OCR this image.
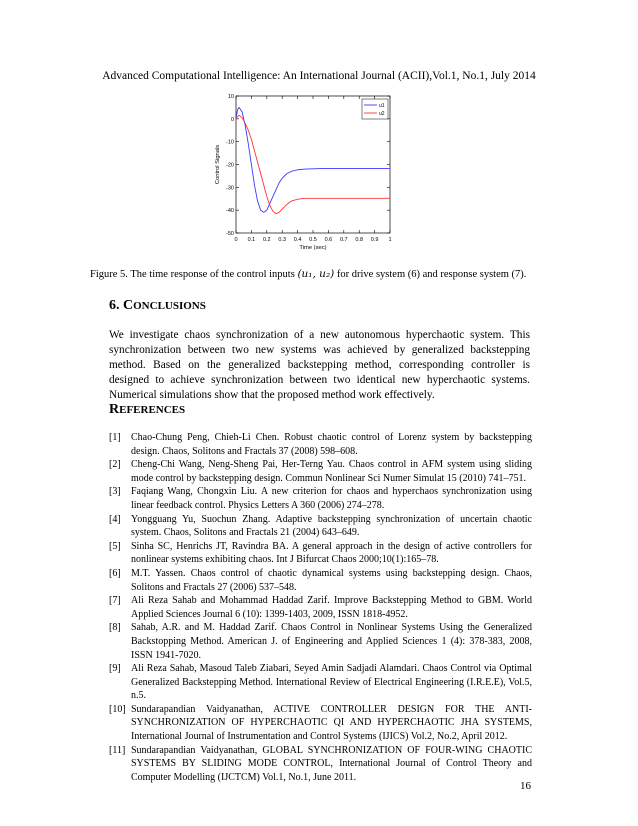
Advanced Computational Intelligence: An International Journal (ACII),Vol.1, No.1, July 2014
0 0.1 0.2 0.3 0.4 0.5 0.6 0.7 0.8 0.9 1
10
0
-10
-20
-30
-40
-50
Time (sec)
Control Signals
u1
u2
Figure 5. The time response of the control inputs (u₁, u₂) for drive system (6) and response system (7).
6. CONCLUSIONS
We investigate chaos synchronization of a new autonomous hyperchaotic system. This synchronization between two new systems was achieved by generalized backstepping method. Based on the generalized backstepping method, corresponding controller is designed to achieve synchronization between two identical new hyperchaotic systems. Numerical simulations show that the proposed method work effectively.
REFERENCES
[1]	Chao-Chung Peng, Chieh-Li Chen. Robust chaotic control of Lorenz system by backstepping design. Chaos, Solitons and Fractals 37 (2008) 598–608.
[2]	Cheng-Chi Wang, Neng-Sheng Pai, Her-Terng Yau. Chaos control in AFM system using sliding mode control by backstepping design. Commun Nonlinear Sci Numer Simulat 15 (2010) 741–751.
[3]	Faqiang Wang, Chongxin Liu. A new criterion for chaos and hyperchaos synchronization using linear feedback control. Physics Letters A 360 (2006) 274–278.
[4]	Yongguang Yu, Suochun Zhang. Adaptive backstepping synchronization of uncertain chaotic system. Chaos, Solitons and Fractals 21 (2004) 643–649.
[5]	Sinha SC, Henrichs JT, Ravindra BA. A general approach in the design of active controllers for nonlinear systems exhibiting chaos. Int J Bifurcat Chaos 2000;10(1):165–78.
[6]	M.T. Yassen. Chaos control of chaotic dynamical systems using backstepping design. Chaos, Solitons and Fractals 27 (2006) 537–548.
[7]	Ali Reza Sahab and Mohammad Haddad Zarif. Improve Backstepping Method to GBM. World Applied Sciences Journal 6 (10): 1399-1403, 2009, ISSN 1818-4952.
[8]	Sahab, A.R. and M. Haddad Zarif. Chaos Control in Nonlinear Systems Using the Generalized Backstopping Method. American J. of Engineering and Applied Sciences 1 (4): 378-383, 2008, ISSN 1941-7020.
[9]	Ali Reza Sahab, Masoud Taleb Ziabari, Seyed Amin Sadjadi Alamdari. Chaos Control via Optimal Generalized Backstepping Method. International Review of Electrical Engineering (I.R.E.E), Vol.5, n.5.
[10] Sundarapandian Vaidyanathan, ACTIVE CONTROLLER DESIGN FOR THE ANTI-SYNCHRONIZATION OF HYPERCHAOTIC QI AND HYPERCHAOTIC JHA SYSTEMS, International Journal of Instrumentation and Control Systems (IJICS) Vol.2, No.2, April 2012.
[11] Sundarapandian Vaidyanathan, GLOBAL SYNCHRONIZATION OF FOUR-WING CHAOTIC SYSTEMS BY SLIDING MODE CONTROL, International Journal of Control Theory and Computer Modelling (IJCTCM) Vol.1, No.1, June 2011.
16
